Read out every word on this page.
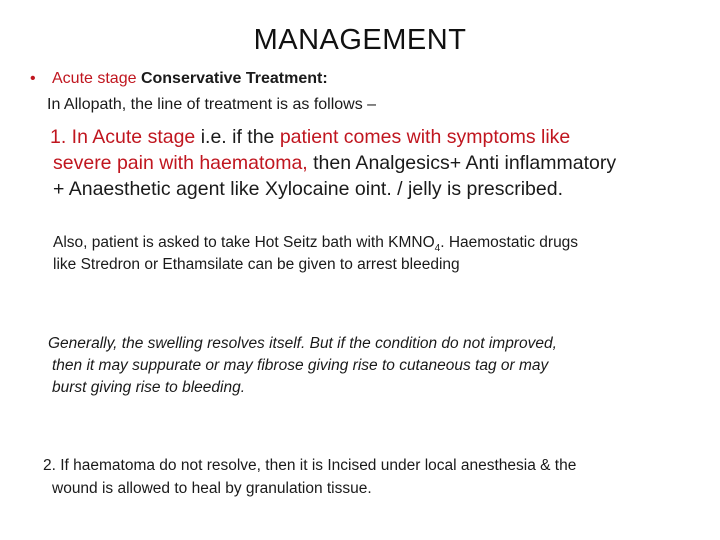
MANAGEMENT
• Acute stage Conservative Treatment:
In Allopath, the line of treatment is as follows –
1. In Acute stage i.e. if the patient comes with symptoms like
severe pain with haematoma, then Analgesics+ Anti inflammatory
+ Anaesthetic agent like Xylocaine oint. / jelly is prescribed.
Also, patient is asked to take Hot Seitz bath with $KMNO_4$. Haemostatic drugs
like Stredron or Ethamsilate can be given to arrest bleeding
Generally, the swelling resolves itself. But if the condition do not improved,
then it may suppurate or may fibrose giving rise to cutaneous tag or may
burst giving rise to bleeding.
2. If haematoma do not resolve, then it is Incised under local anesthesia & the
wound is allowed to heal by granulation tissue.
